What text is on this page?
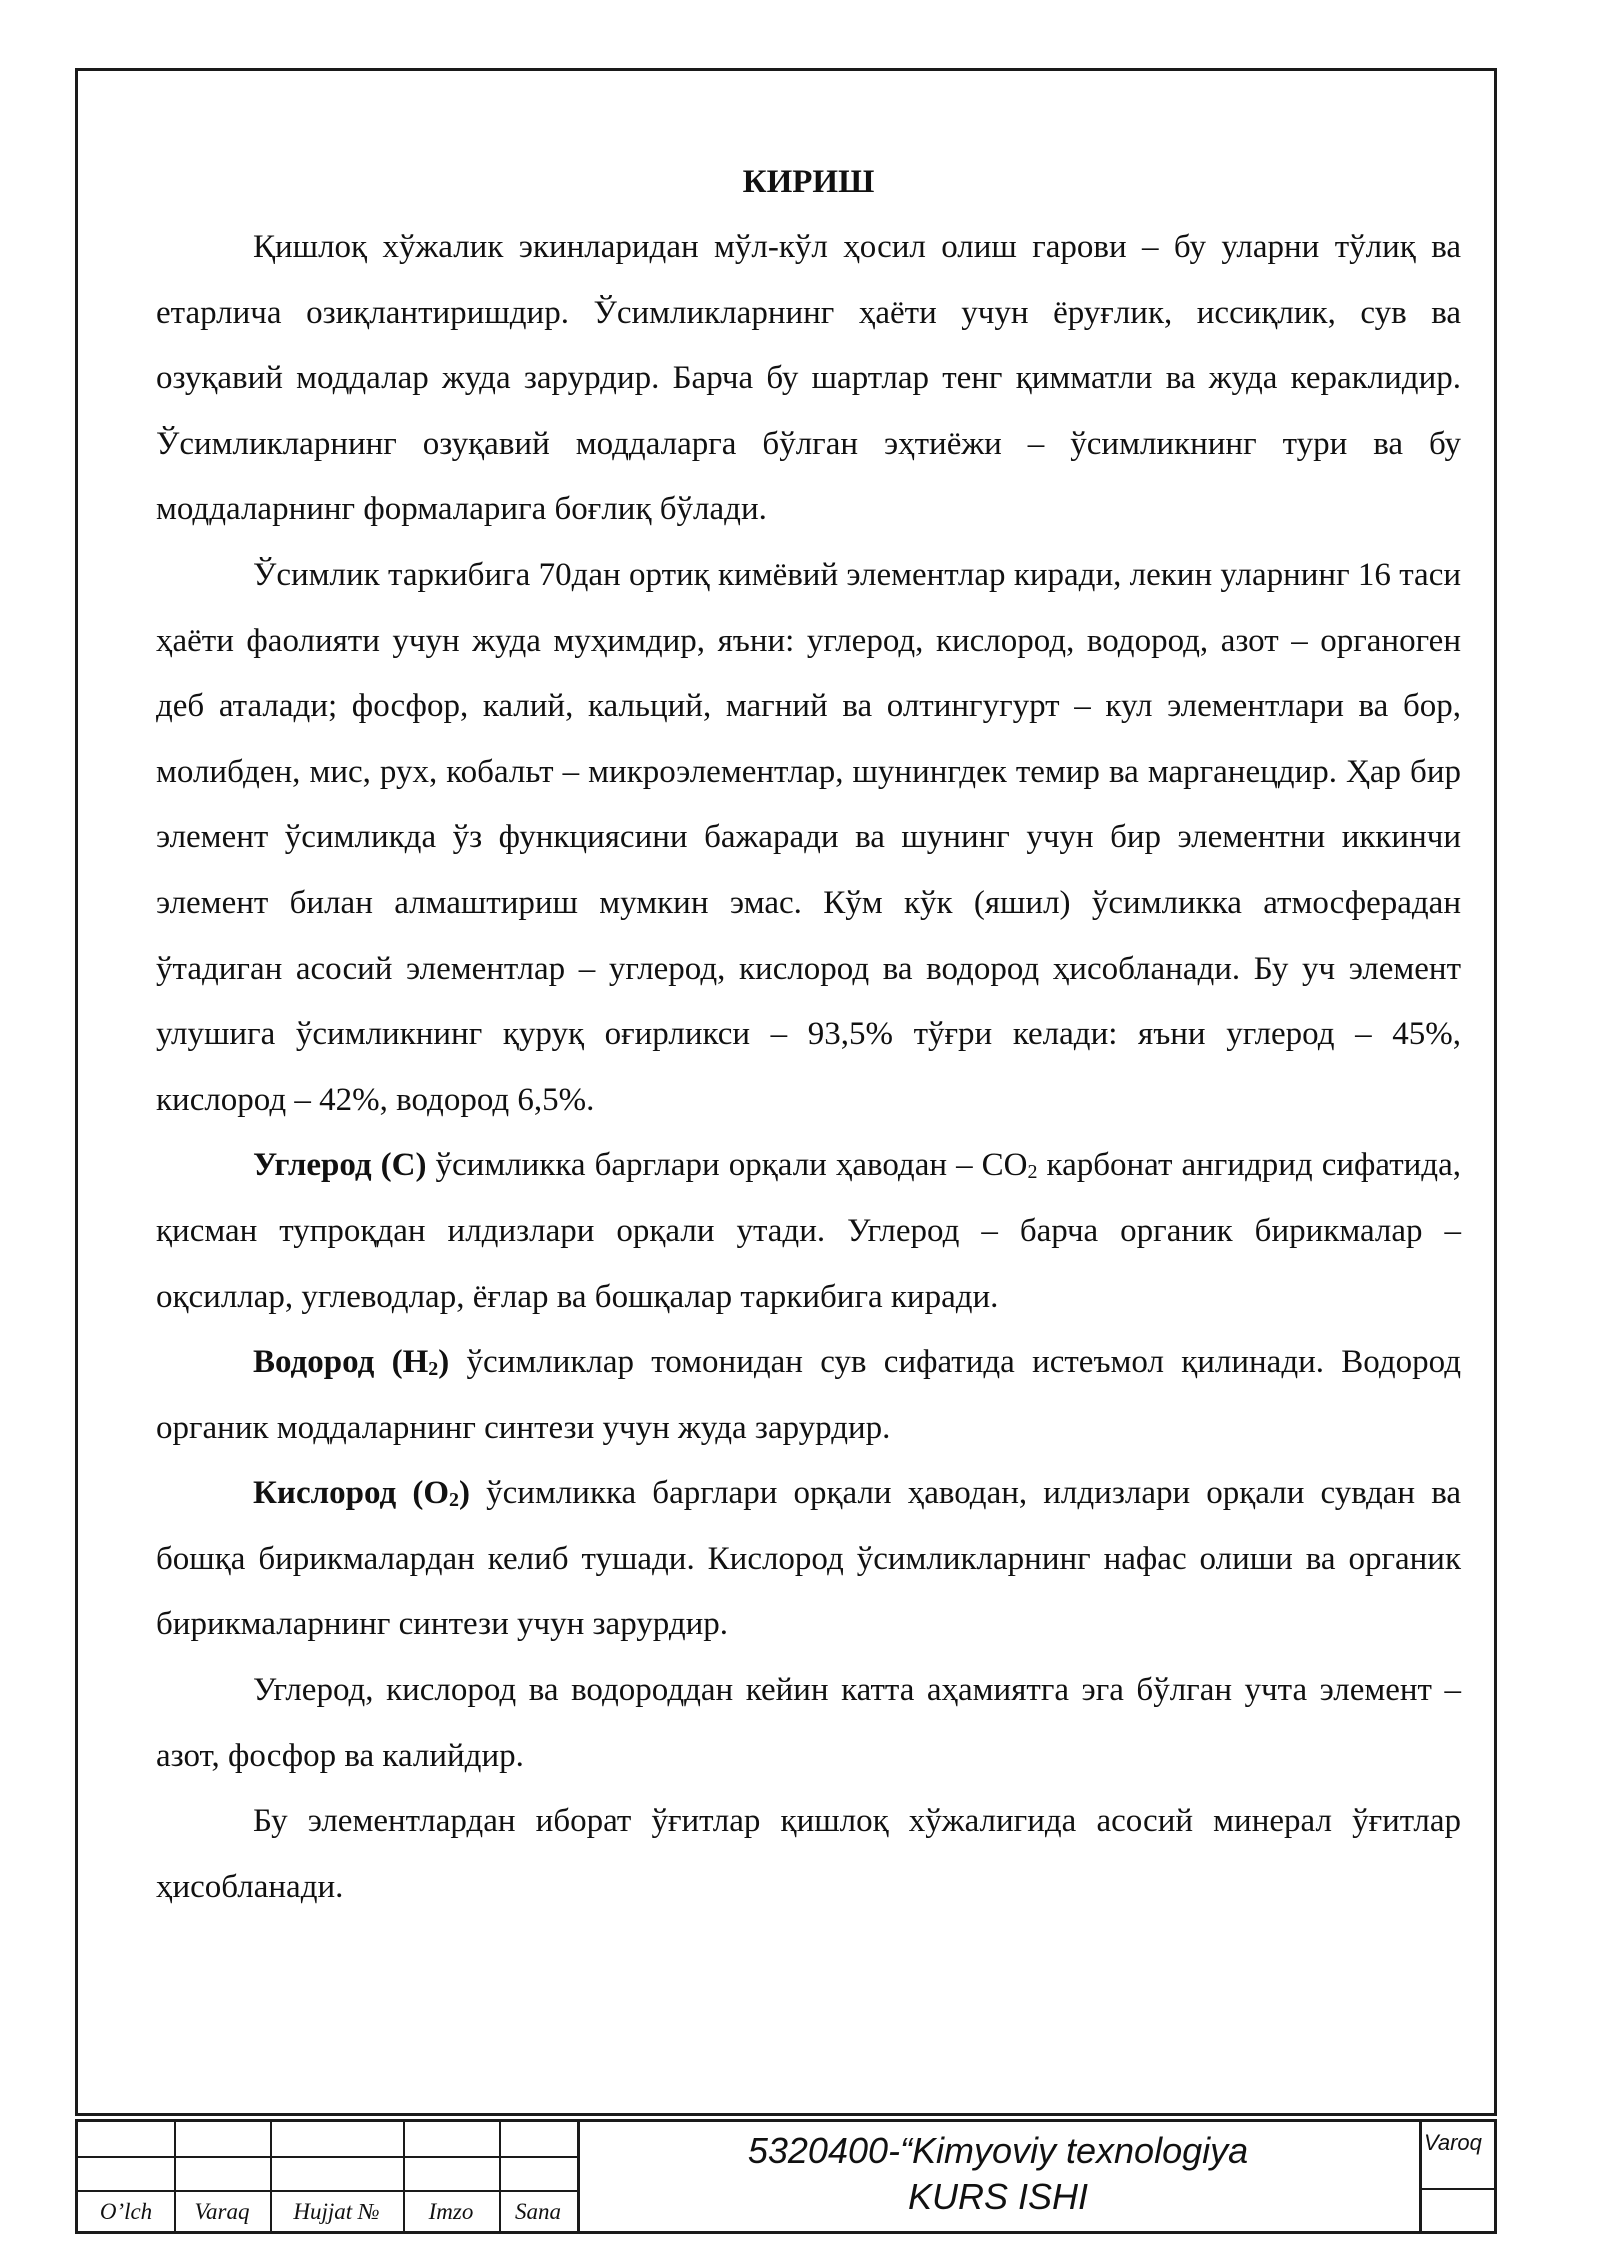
КИРИШ

Қишлоқ хўжалик экинларидан мўл-кўл ҳосил олиш гарови – бу уларни тўлиқ ва етарлича озиқлантиришдир. Ўсимликларнинг ҳаёти учун ёруғлик, иссиқлик, сув ва озуқавий моддалар жуда зарурдир. Барча бу шартлар тенг қимматли ва жуда кераклидир. Ўсимликларнинг озуқавий моддаларга бўлган эҳтиёжи – ўсимликнинг тури ва бу моддаларнинг формаларига боғлиқ бўлади.

Ўсимлик таркибига 70дан ортиқ кимёвий элементлар киради, лекин уларнинг 16 таси ҳаёти фаолияти учун жуда муҳимдир, яъни: углерод, кислород, водород, азот – органоген деб аталади; фосфор, калий, кальций, магний ва олтингугурт – кул элементлари ва бор, молибден, мис, рух, кобальт – микроэлементлар, шунингдек темир ва марганецдир. Ҳар бир элемент ўсимликда ўз функциясини бажаради ва шунинг учун бир элементни иккинчи элемент билан алмаштириш мумкин эмас. Кўм кўк (яшил) ўсимликка атмосферадан ўтадиган асосий элементлар – углерод, кислород ва водород ҳисобланади. Бу уч элемент улушига ўсимликнинг қуруқ оғирликси – 93,5% тўғри келади: яъни углерод – 45%, кислород – 42%, водород 6,5%.

Углерод (С) ўсимликка барглари орқали ҳаводан – $СО_2$ карбонат ангидрид сифатида, қисман тупроқдан илдизлари орқали утади. Углерод – барча органик бирикмалар – оқсиллар, углеводлар, ёғлар ва бошқалар таркибига киради.

Водород $(Н_2)$ ўсимликлар томонидан сув сифатида истеъмол қилинади. Водород органик моддаларнинг синтези учун жуда зарурдир.

Кислород $(О_2)$ ўсимликка барглари орқали ҳаводан, илдизлари орқали сувдан ва бошқа бирикмалардан келиб тушади. Кислород ўсимликларнинг нафас олиши ва органик бирикмаларнинг синтези учун зарурдир.

Углерод, кислород ва водороддан кейин катта аҳамиятга эга бўлган учта элемент – азот, фосфор ва калийдир.

Бу элементлардан иборат ўғитлар қишлоқ хўжалигида асосий минерал ўғитлар ҳисобланади.

O’lch	Varaq	Hujjat №	Imzo	Sana
5320400-“Kimyoviy texnologiya
KURS ISHI
Varoq
